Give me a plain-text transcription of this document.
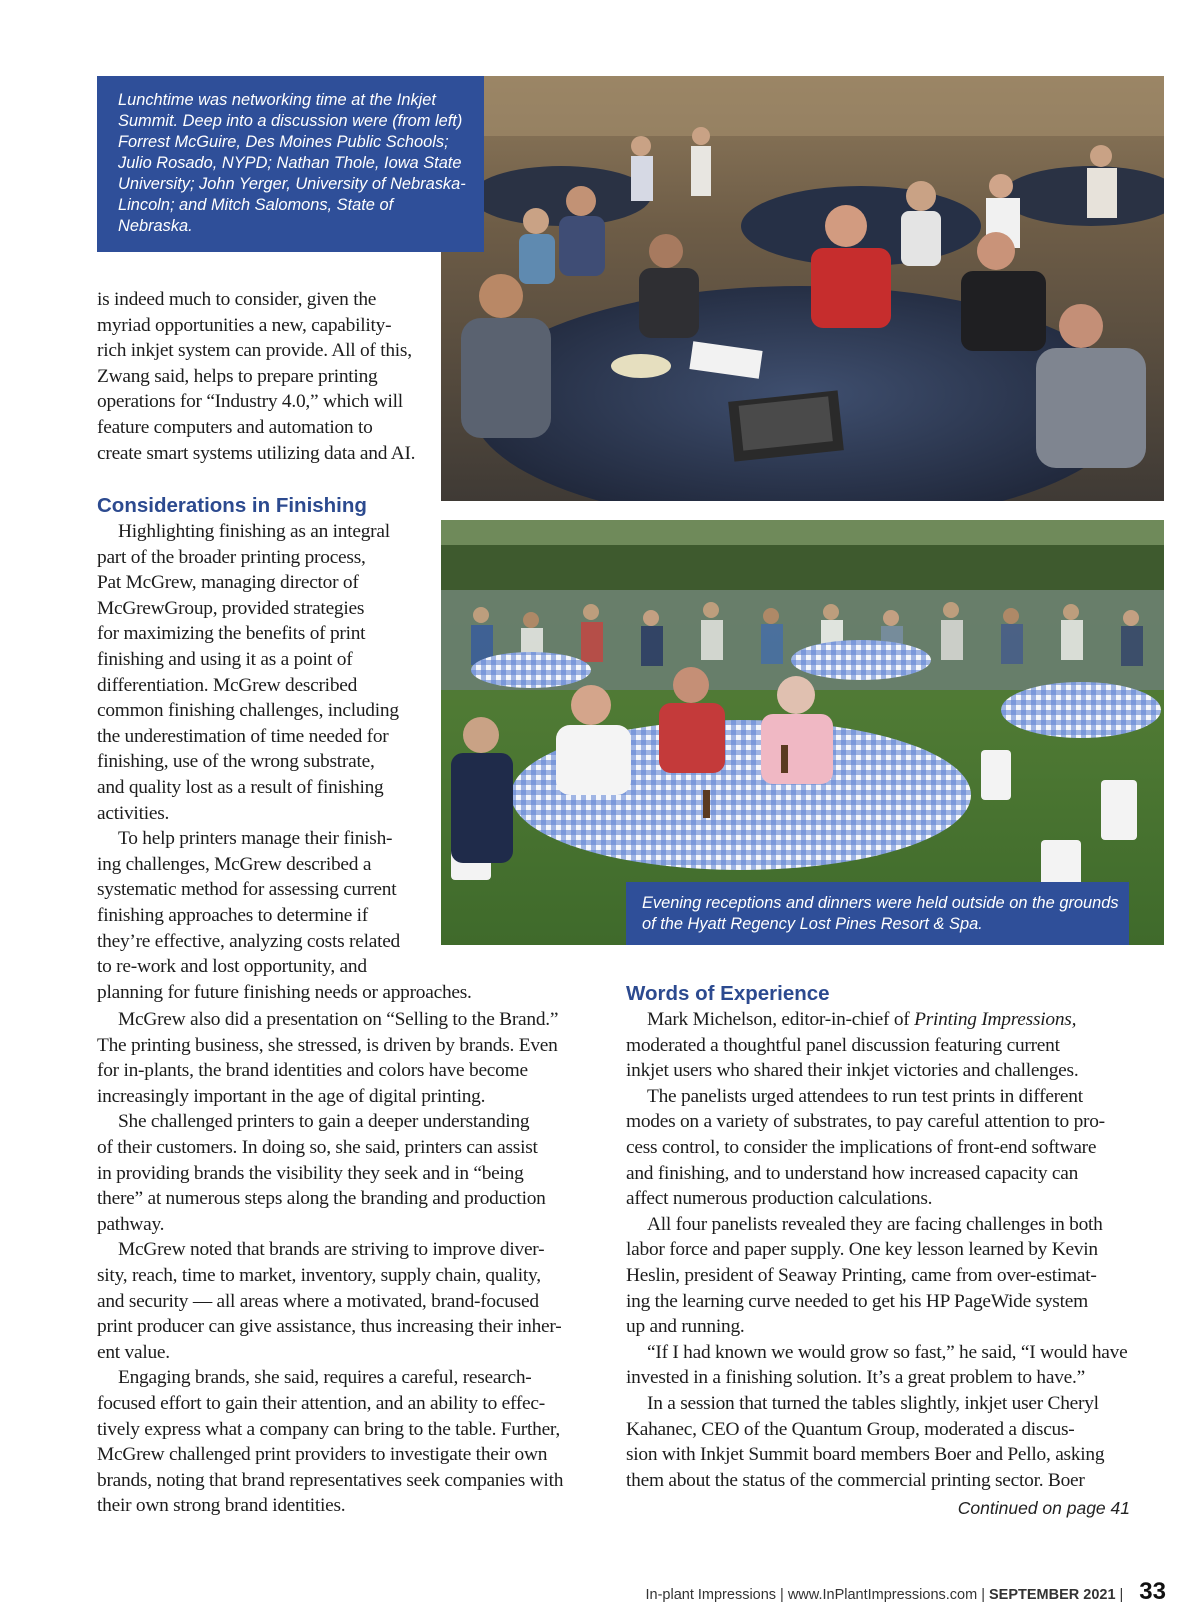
Lunchtime was networking time at the Inkjet Summit. Deep into a discussion were (from left) Forrest McGuire, Des Moines Public Schools; Julio Rosado, NYPD; Nathan Thole, Iowa State University; John Yerger, University of Nebraska-Lincoln; and Mitch Salomons, State of Nebraska.
Evening receptions and dinners were held outside on the grounds of the Hyatt Regency Lost Pines Resort & Spa.
is indeed much to consider, given the
myriad opportunities a new, capability-
rich inkjet system can provide. All of this,
Zwang said, helps to prepare printing
operations for “Industry 4.0,” which will
feature computers and automation to
create smart systems utilizing data and AI.
Considerations in Finishing
Highlighting finishing as an integral
part of the broader printing process,
Pat McGrew, managing director of
McGrewGroup, provided strategies
for maximizing the benefits of print
finishing and using it as a point of
differentiation. McGrew described
common finishing challenges, including
the underestimation of time needed for
finishing, use of the wrong substrate,
and quality lost as a result of finishing
activities.
To help printers manage their finish-
ing challenges, McGrew described a
systematic method for assessing current
finishing approaches to determine if
they’re effective, analyzing costs related
to re-work and lost opportunity, and
planning for future finishing needs or approaches.
McGrew also did a presentation on “Selling to the Brand.”
The printing business, she stressed, is driven by brands. Even
for in-plants, the brand identities and colors have become
increasingly important in the age of digital printing.
She challenged printers to gain a deeper understanding
of their customers. In doing so, she said, printers can assist
in providing brands the visibility they seek and in “being
there” at numerous steps along the branding and production
pathway.
McGrew noted that brands are striving to improve diver-
sity, reach, time to market, inventory, supply chain, quality,
and security — all areas where a motivated, brand-focused
print producer can give assistance, thus increasing their inher-
ent value.
Engaging brands, she said, requires a careful, research-
focused effort to gain their attention, and an ability to effec-
tively express what a company can bring to the table. Further,
McGrew challenged print providers to investigate their own
brands, noting that brand representatives seek companies with
their own strong brand identities.
Words of Experience
Mark Michelson, editor-in-chief of Printing Impressions,
moderated a thoughtful panel discussion featuring current
inkjet users who shared their inkjet victories and challenges.
The panelists urged attendees to run test prints in different
modes on a variety of substrates, to pay careful attention to pro-
cess control, to consider the implications of front-end software
and finishing, and to understand how increased capacity can
affect numerous production calculations.
All four panelists revealed they are facing challenges in both
labor force and paper supply. One key lesson learned by Kevin
Heslin, president of Seaway Printing, came from over-estimat-
ing the learning curve needed to get his HP PageWide system
up and running.
“If I had known we would grow so fast,” he said, “I would have
invested in a finishing solution. It’s a great problem to have.”
In a session that turned the tables slightly, inkjet user Cheryl
Kahanec, CEO of the Quantum Group, moderated a discus-
sion with Inkjet Summit board members Boer and Pello, asking
them about the status of the commercial printing sector. Boer
Continued on page 41
In-plant Impressions | www.InPlantImpressions.com | SEPTEMBER 2021 | 33
